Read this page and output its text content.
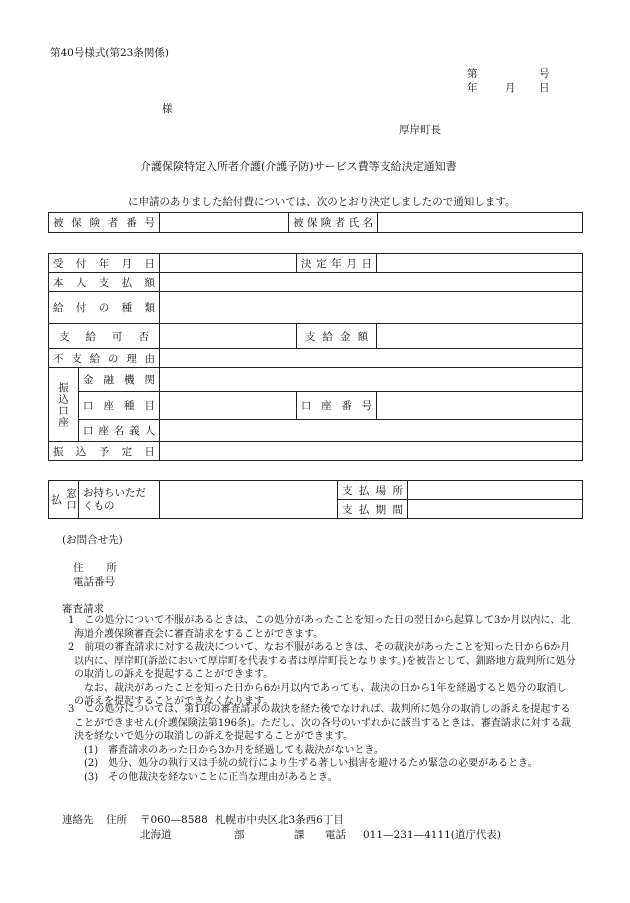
第40号様式(第23条関係)
第	号
年	月 日
様
厚岸町長
介護保険特定入所者介護(介護予防)サービス費等支給決定通知書
に申請のありました給付費については、次のとおり決定しましたので通知します。
被保険者番号		被保険者氏名

受付年月日			決定年月日	

本人支払額				

給付の種類				

支給可否			支給金額	

不支給の理由				

振込口座	金融機関			

	口座種目		口座番号	

	口座名義人			

振込予定日				

窓口払	お持ちいただくもの		支払場所	

			支払期間	

(お問合せ先)
住所
電話番号
審査請求
1　この処分について不服があるときは、この処分があったことを知った日の翌日から起算して3か月以内に、北海道介護保険審査会に審査請求をすることができます。
2　前項の審査請求に対する裁決について、なお不服があるときは、その裁決があったことを知った日から6か月以内に、厚岸町(訴訟において厚岸町を代表する者は厚岸町長となります。)を被告として、釧路地方裁判所に処分の取消しの訴えを提起することができます。
なお、裁決があったことを知った日から6か月以内であっても、裁決の日から1年を経過すると処分の取消しの訴えを提起することができなくなります。
3　この処分については、第1項の審査請求の裁決を経た後でなければ、裁判所に処分の取消しの訴えを提起することができません(介護保険法第196条)。ただし、次の各号のいずれかに該当するときは、審査請求に対する裁決を経ないで処分の取消しの訴えを提起することができます。
(1)　審査請求のあった日から3か月を経過しても裁決がないとき。
(2)　処分、処分の執行又は手続の続行により生ずる著しい損害を避けるため緊急の必要があるとき。
(3)　その他裁決を経ないことに正当な理由があるとき。
連絡先 住所 〒060—8588 札幌市中央区北3条西6丁目
北海道	部	課 電話 011—231—4111(道庁代表)
